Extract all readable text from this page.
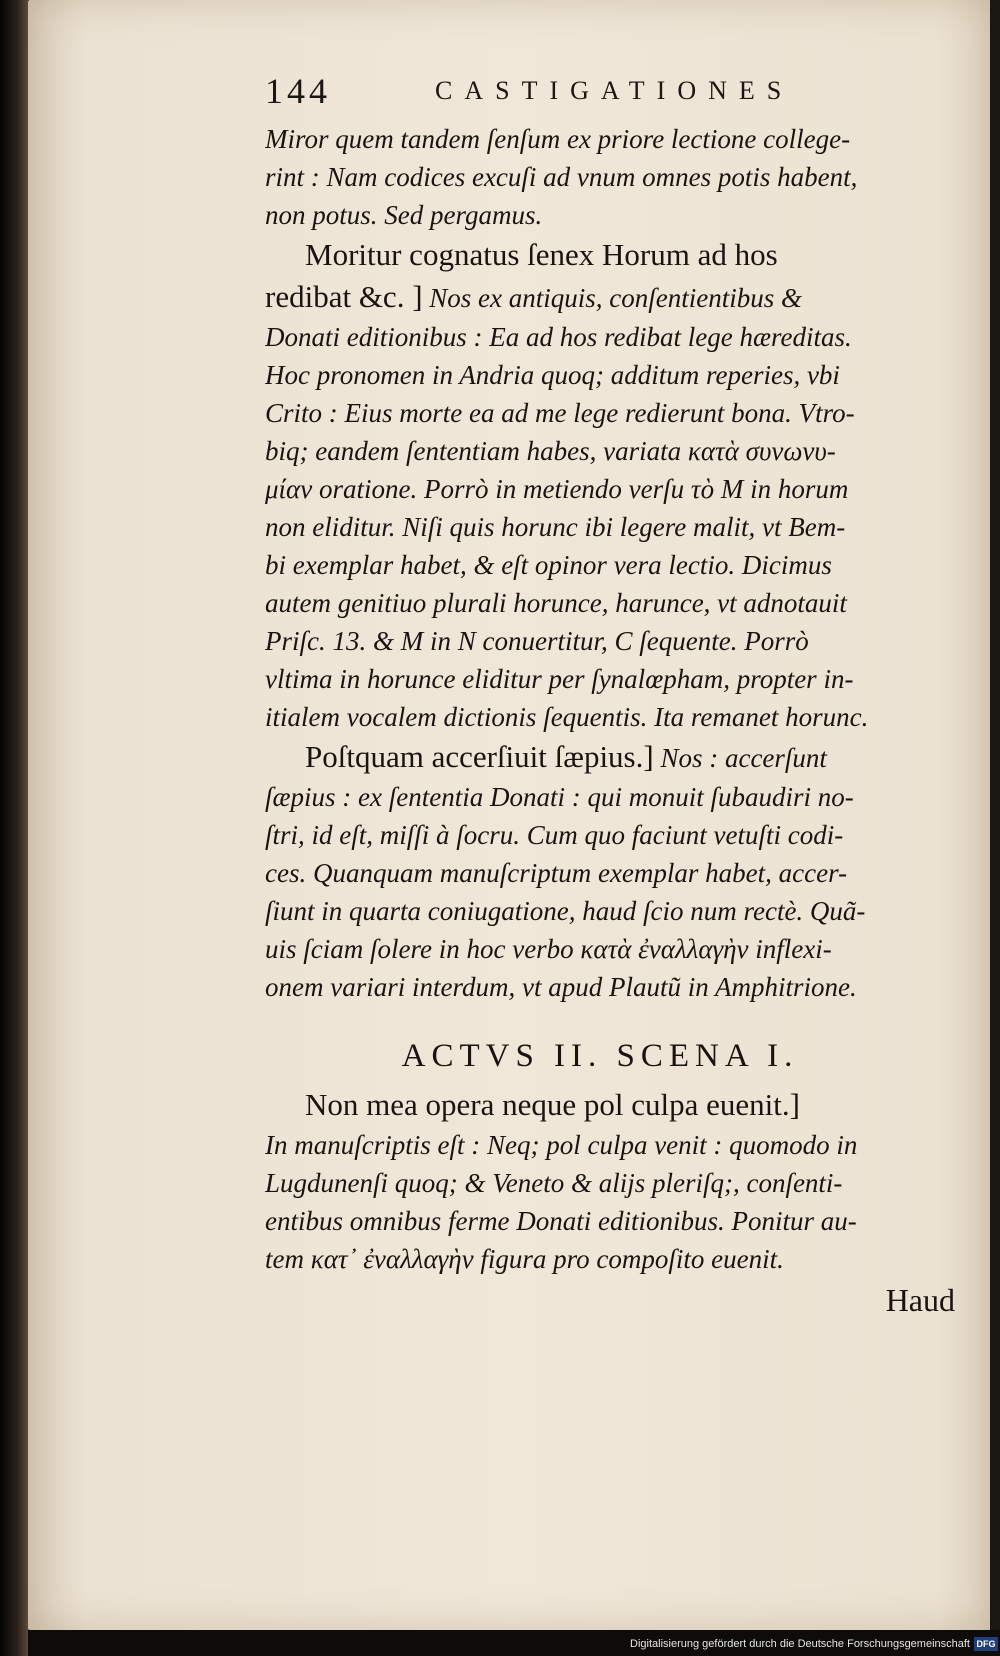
144	CASTIGATIONES
Miror quem tandem ſenſum ex priore lectione college-
rint : Nam codices excuſi ad vnum omnes potis habent,
non potus. Sed pergamus.
Moritur cognatus ſenex Horum ad hos
redibat &c. ] Nos ex antiquis, conſentientibus &
Donati editionibus : Ea ad hos redibat lege hæreditas.
Hoc pronomen in Andria quoq; additum reperies, vbi
Crito : Eius morte ea ad me lege redierunt bona. Vtro-
biq; eandem ſententiam habes, variata κατὰ συνωνυ-
μίαν oratione. Porrò in metiendo verſu τὸ M in horum
non eliditur. Niſi quis horunc ibi legere malit, vt Bem-
bi exemplar habet, & eſt opinor vera lectio. Dicimus
autem genitiuo plurali horunce, harunce, vt adnotauit
Priſc. 13. & M in N conuertitur, C ſequente. Porrò
vltima in horunce eliditur per ſynalœpham, propter in-
itialem vocalem dictionis ſequentis. Ita remanet horunc.
Poſtquam accerſiuit ſæpius.] Nos : accerſunt
ſæpius : ex ſententia Donati : qui monuit ſubaudiri no-
ſtri, id eſt, miſſi à ſocru. Cum quo faciunt vetuſti codi-
ces. Quanquam manuſcriptum exemplar habet, accer-
ſiunt in quarta coniugatione, haud ſcio num rectè. Quã-
uis ſciam ſolere in hoc verbo κατὰ ἐναλλαγὴν inflexi-
onem variari interdum, vt apud Plautũ in Amphitrione.
ACTVS II. SCENA I.
Non mea opera neque pol culpa euenit.]
In manuſcriptis eſt : Neq; pol culpa venit : quomodo in
Lugdunenſi quoq; & Veneto & alijs pleriſq;, conſenti-
entibus omnibus ferme Donati editionibus. Ponitur au-
tem κατ᾽ ἐναλλαγὴν figura pro compoſito euenit.
Haud
Digitalisierung gefördert durch die Deutsche Forschungsgemeinschaft DFG
